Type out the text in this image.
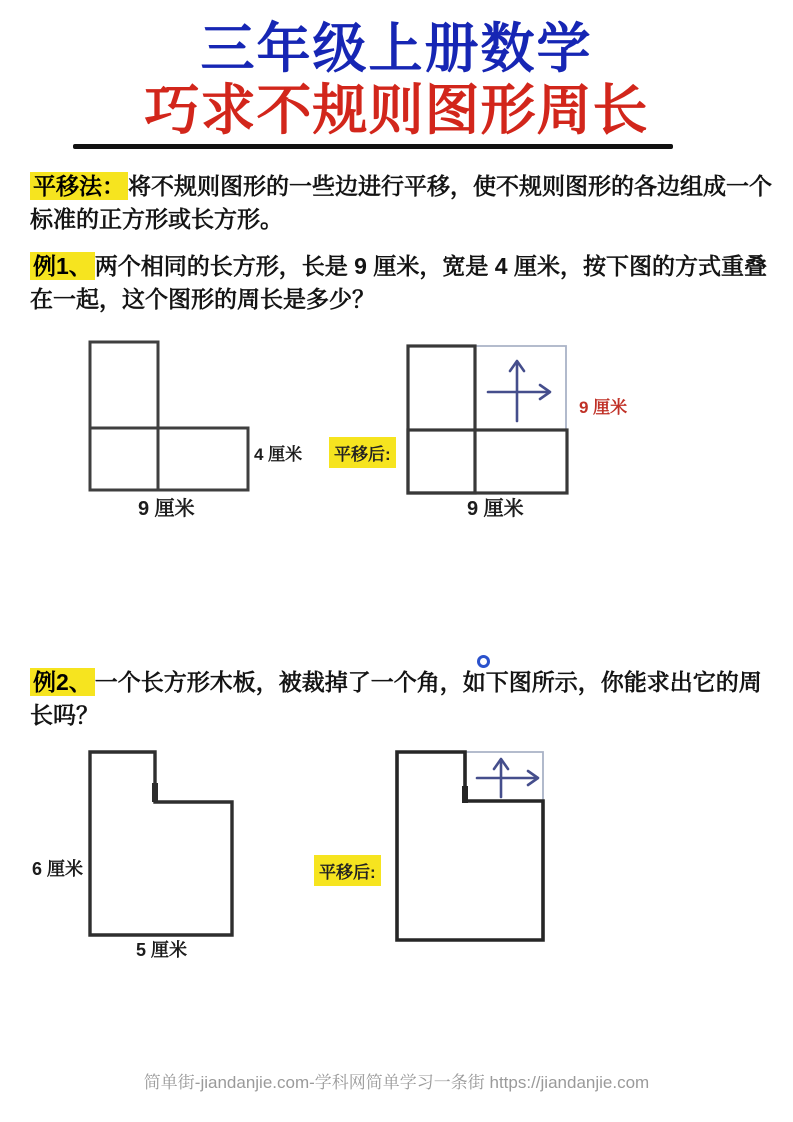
三年级上册数学
巧求不规则图形周长

平移法： 将不规则图形的一些边进行平移，使不规则图形的各边组成一个标准的正方形或长方形。

例1、 两个相同的长方形，长是 9 厘米，宽是 4 厘米，按下图的方式重叠在一起，这个图形的周长是多少？

4 厘米
9 厘米
平移后:
9 厘米
9 厘米

例2、 一个长方形木板，被裁掉了一个角，如下图所示，你能求出它的周长吗？

6 厘米
5 厘米
平移后:
简单街-jiandanjie.com-学科网简单学习一条街 https://jiandanjie.com
